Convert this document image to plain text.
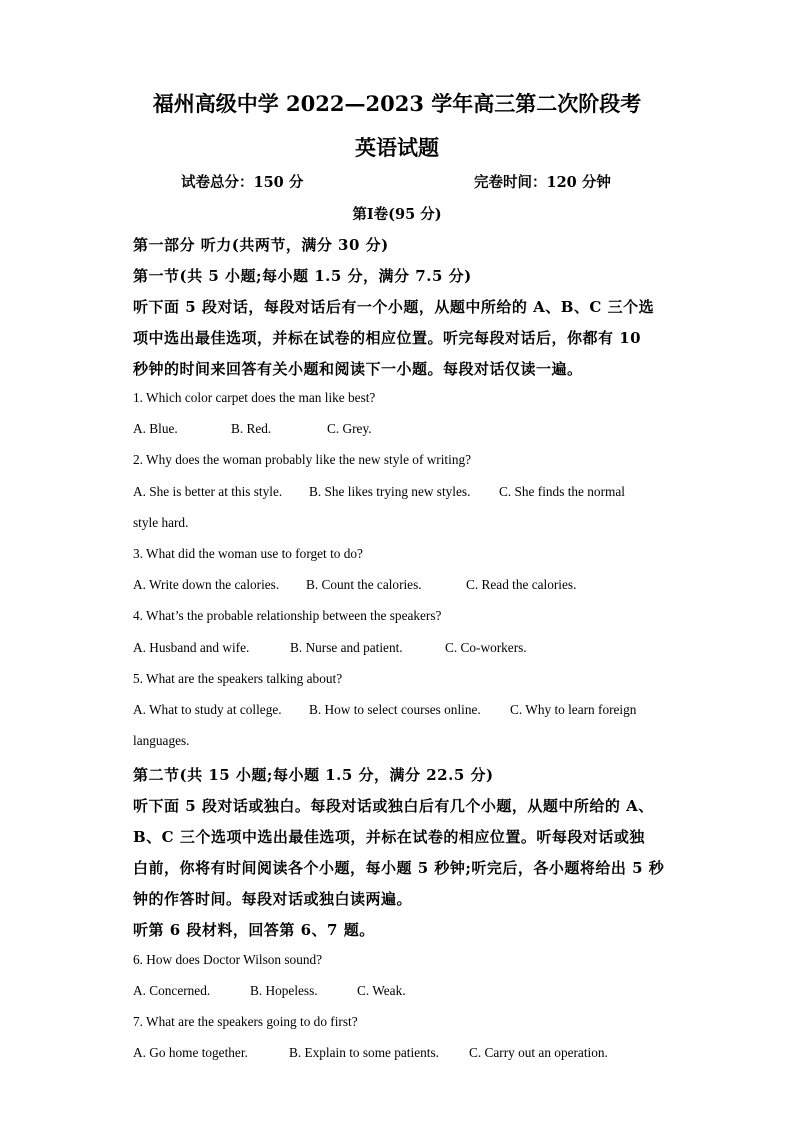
福州高级中学 2022—2023 学年高三第二次阶段考
英语试题
试卷总分：150 分	完卷时间：120 分钟
第Ⅰ卷(95 分)
第一部分 听力(共两节，满分 30 分)
第一节(共 5 小题;每小题 1.5 分，满分 7.5 分)
听下面 5 段对话，每段对话后有一个小题，从题中所给的 A、B、C 三个选
项中选出最佳选项，并标在试卷的相应位置。听完每段对话后，你都有 10
秒钟的时间来回答有关小题和阅读下一小题。每段对话仅读一遍。
1. Which color carpet does the man like best?
A. Blue.	B. Red.	C. Grey.
2. Why does the woman probably like the new style of writing?
A. She is better at this style. B. She likes trying new styles. C. She finds the normal
style hard.
3. What did the woman use to forget to do?
A. Write down the calories. B. Count the calories.	C. Read the calories.
4. What’s the probable relationship between the speakers?
A. Husband and wife.	B. Nurse and patient.	C. Co-workers.
5. What are the speakers talking about?
A. What to study at college. B. How to select courses online. C. Why to learn foreign
languages.
第二节(共 15 小题;每小题 1.5 分，满分 22.5 分)
听下面 5 段对话或独白。每段对话或独白后有几个小题，从题中所给的 A、
B、C 三个选项中选出最佳选项，并标在试卷的相应位置。听每段对话或独
白前，你将有时间阅读各个小题，每小题 5 秒钟;听完后，各小题将给出 5 秒
钟的作答时间。每段对话或独白读两遍。
听第 6 段材料，回答第 6、7 题。
6. How does Doctor Wilson sound?
A. Concerned.	B. Hopeless.	C. Weak.
7. What are the speakers going to do first?
A. Go home together.	B. Explain to some patients. C. Carry out an operation.
